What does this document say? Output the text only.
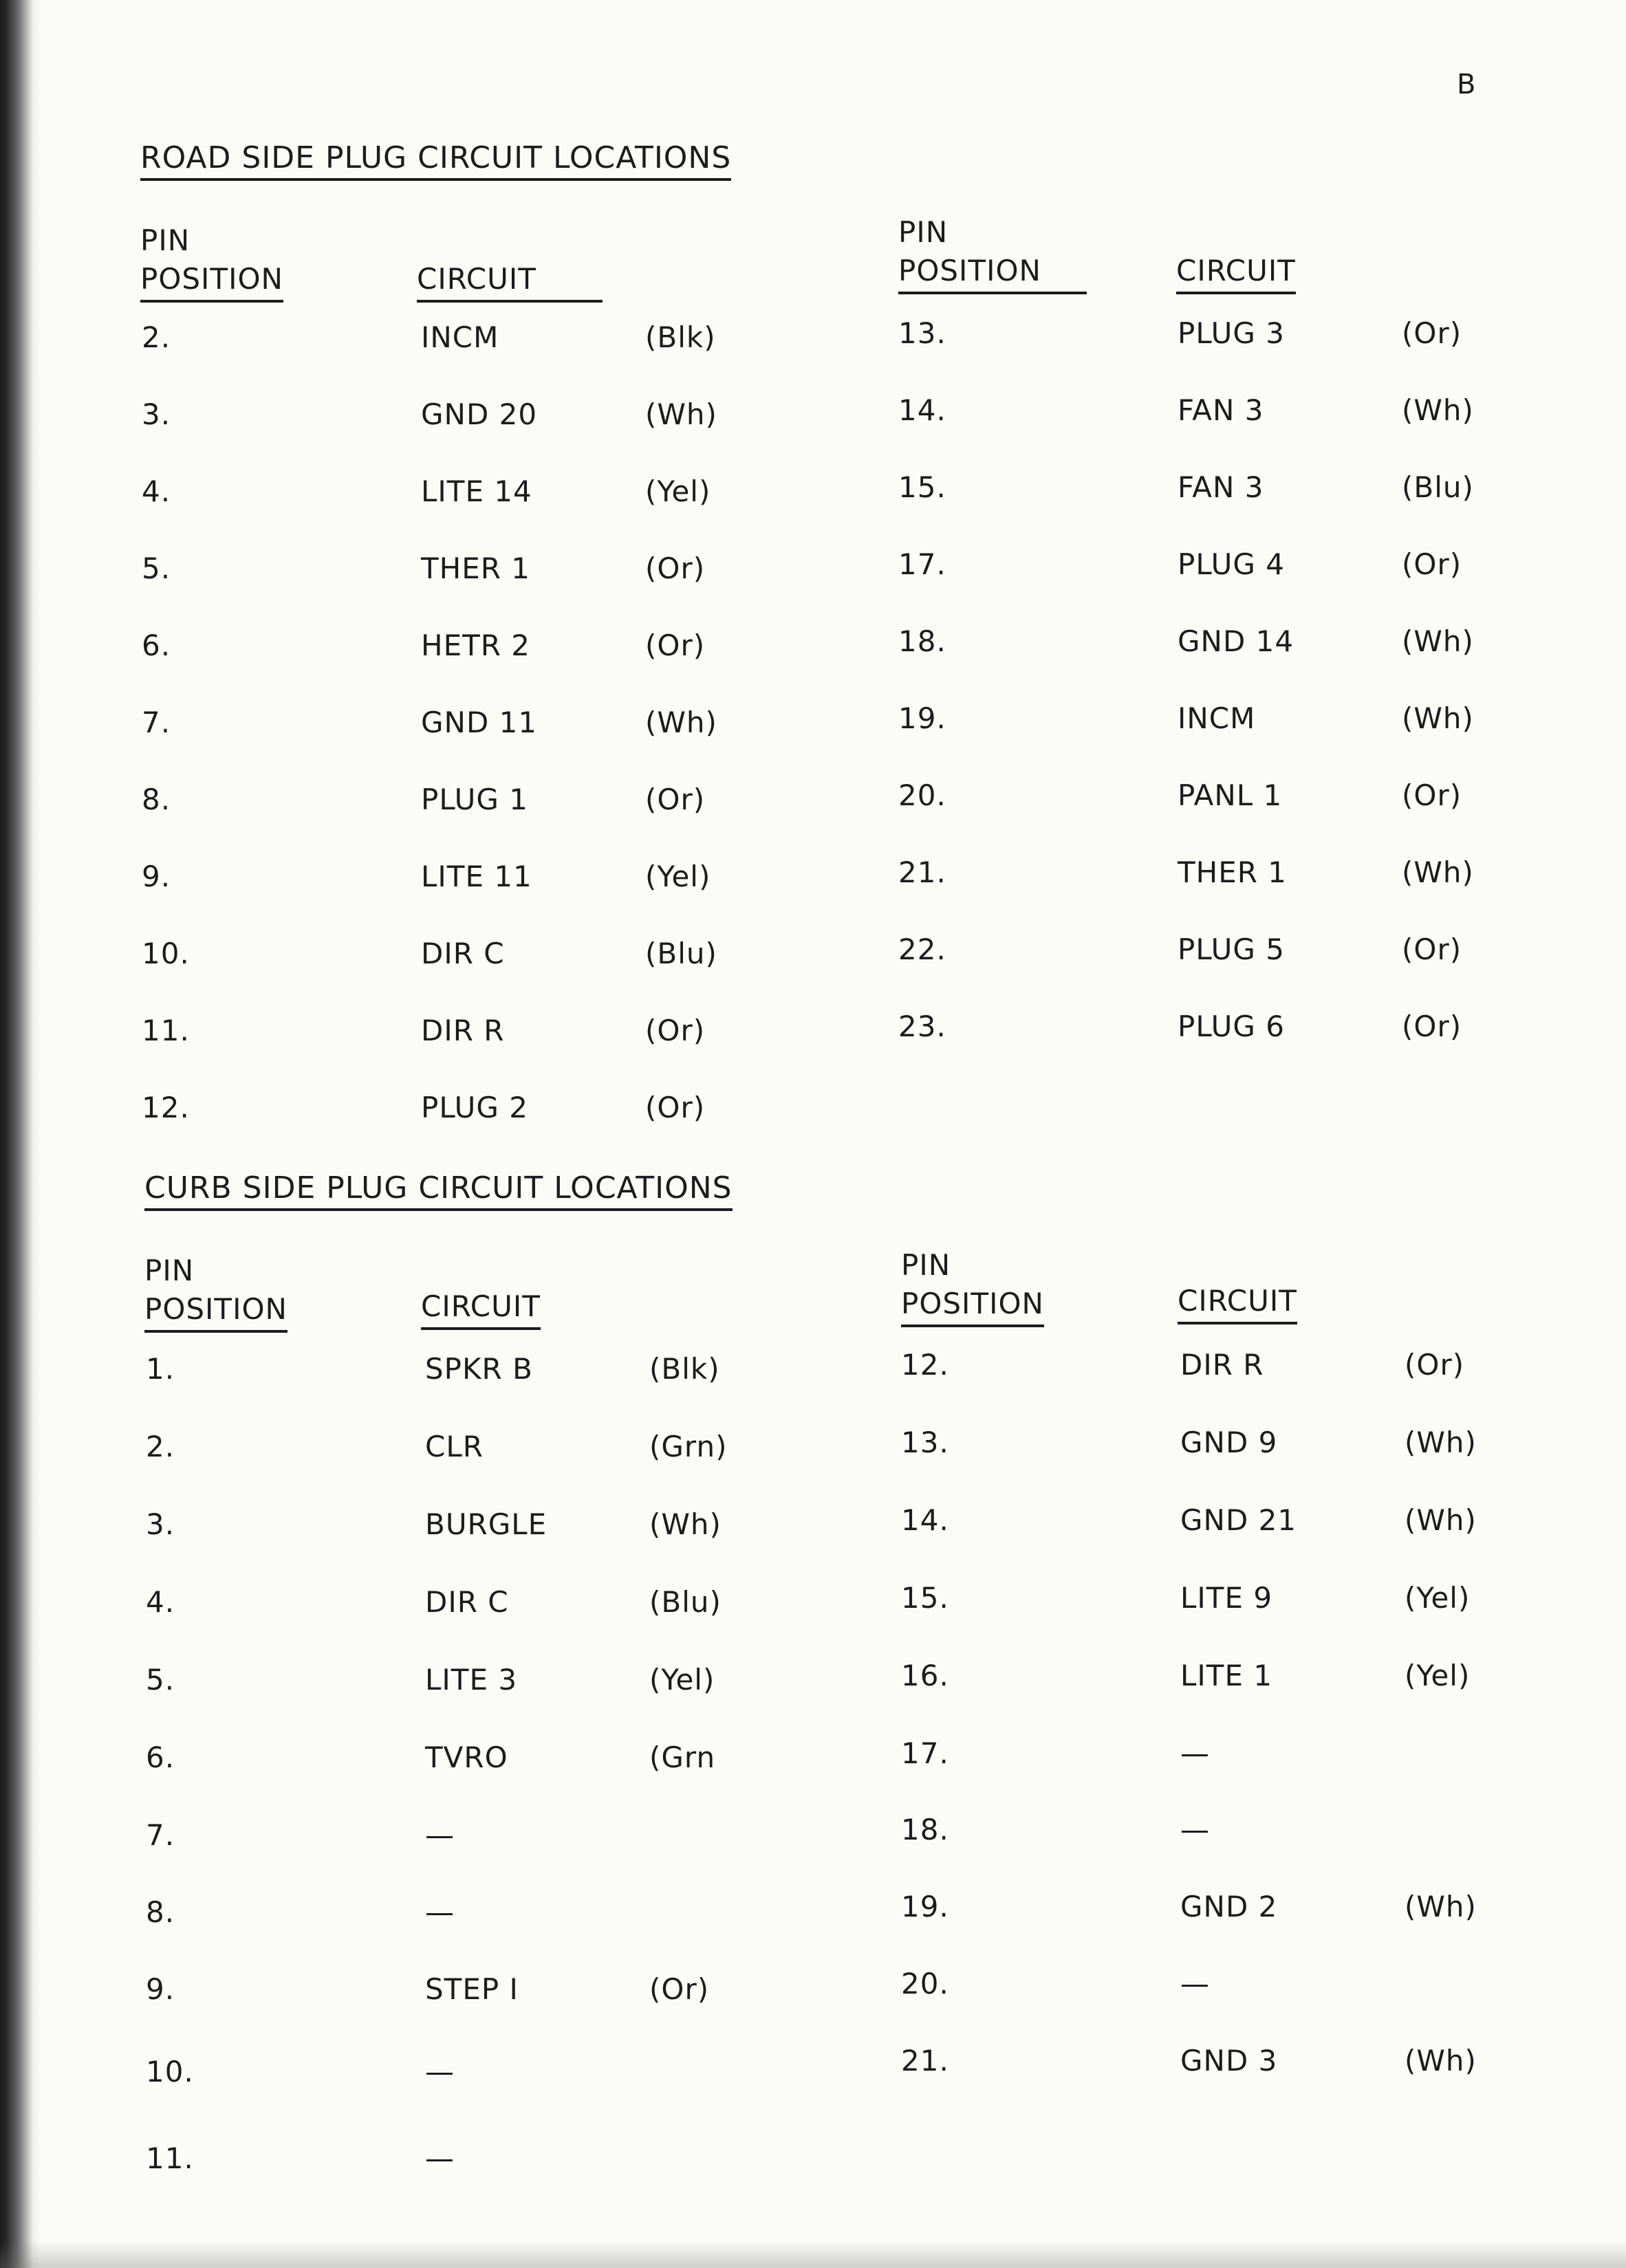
B
ROAD SIDE PLUG CIRCUIT LOCATIONS
PIN
POSITION	CIRCUIT
PIN
POSITION	CIRCUIT
2.	INCM	(Blk)
3.	GND 20	(Wh)
4.	LITE 14	(Yel)
5.	THER 1	(Or)
6.	HETR 2	(Or)
7.	GND 11	(Wh)
8.	PLUG 1	(Or)
9.	LITE 11	(Yel)
10.	DIR C	(Blu)
11.	DIR R	(Or)
12.	PLUG 2	(Or)
13.	PLUG 3	(Or)
14.	FAN 3	(Wh)
15.	FAN 3	(Blu)
17.	PLUG 4	(Or)
18.	GND 14	(Wh)
19.	INCM	(Wh)
20.	PANL 1	(Or)
21.	THER 1	(Wh)
22.	PLUG 5	(Or)
23.	PLUG 6	(Or)
CURB SIDE PLUG CIRCUIT LOCATIONS
PIN
POSITION	CIRCUIT
PIN
POSITION	CIRCUIT
1.	SPKR B	(Blk)
2.	CLR	(Grn)
3.	BURGLE	(Wh)
4.	DIR C	(Blu)
5.	LITE 3	(Yel)
6.	TVRO	(Grn
7.	—
8.	—
9.	STEP I	(Or)
10.	—
11.	—
12.	DIR R	(Or)
13.	GND 9	(Wh)
14.	GND 21	(Wh)
15.	LITE 9	(Yel)
16.	LITE 1	(Yel)
17.	—
18.	—
19.	GND 2	(Wh)
20.	—
21.	GND 3	(Wh)
